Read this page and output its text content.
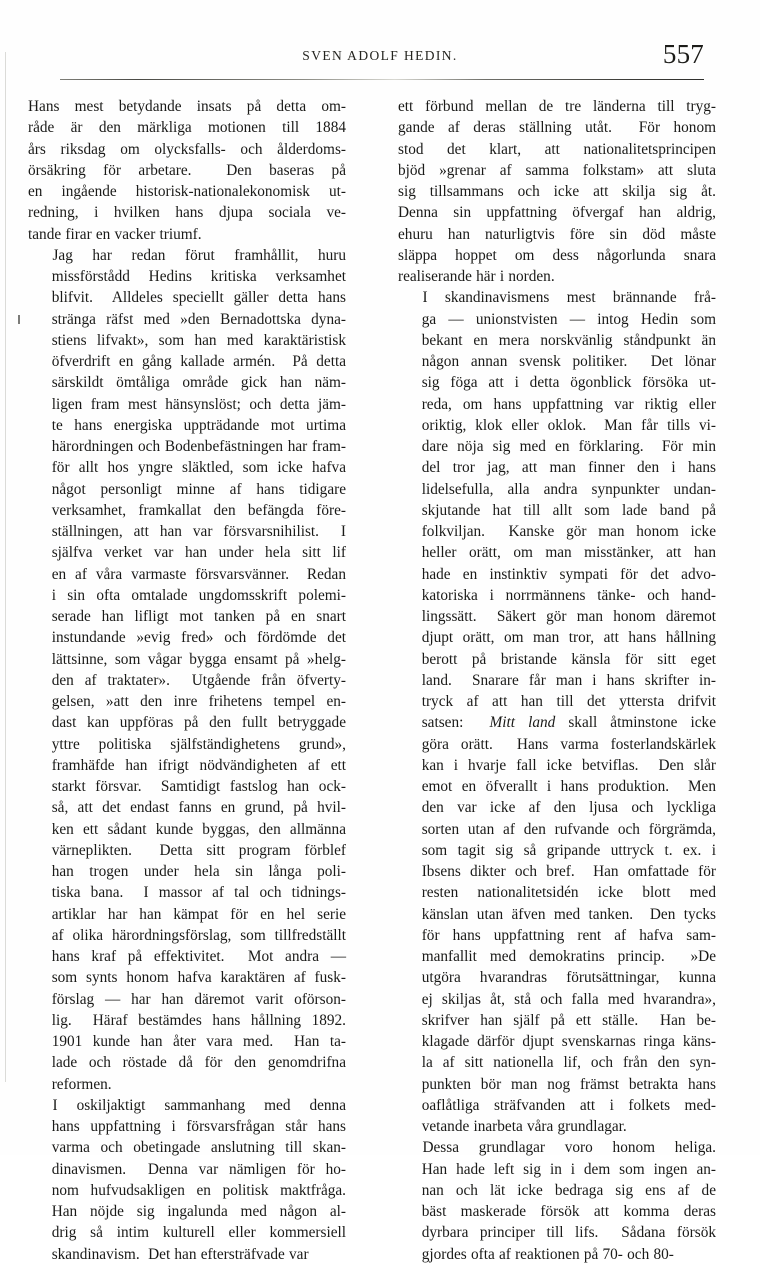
SVEN ADOLF HEDIN.	557

Hans mest betydande insats på detta om-
råde är den märkliga motionen till 1884
års riksdag om olycksfalls- och ålderdoms-
örsäkring för arbetare.  Den baseras på
en ingående historisk-nationalekonomisk ut-
redning, i hvilken hans djupa sociala ve-
tande firar en vacker triumf.

Jag har redan förut framhållit, huru
missförstådd Hedins kritiska verksamhet
blifvit.  Alldeles speciellt gäller detta hans
stränga räfst med »den Bernadottska dyna-
stiens lifvakt», som han med karaktäristisk
öfverdrift en gång kallade armén.  På detta
särskildt ömtåliga område gick han näm-
ligen fram mest hänsynslöst; och detta jäm-
te hans energiska uppträdande mot urtima
härordningen och Bodenbefästningen har fram-
för allt hos yngre släktled, som icke hafva
något personligt minne af hans tidigare
verksamhet, framkallat den befängda före-
ställningen, att han var försvarsnihilist.  I
själfva verket var han under hela sitt lif
en af våra varmaste försvarsvänner.  Redan
i sin ofta omtalade ungdomsskrift polemi-
serade han lifligt mot tanken på en snart
instundande »evig fred» och fördömde det
lättsinne, som vågar bygga ensamt på »helg-
den af traktater».  Utgående från öfverty-
gelsen, »att den inre frihetens tempel en-
dast kan uppföras på den fullt betryggade
yttre politiska själfständighetens grund»,
framhäfde han ifrigt nödvändigheten af ett
starkt försvar.  Samtidigt fastslog han ock-
så, att det endast fanns en grund, på hvil-
ken ett sådant kunde byggas, den allmänna
värneplikten.  Detta sitt program förblef
han trogen under hela sin långa poli-
tiska bana.  I massor af tal och tidnings-
artiklar har han kämpat för en hel serie
af olika härordningsförslag, som tillfredställt
hans kraf på effektivitet.  Mot andra —
som synts honom hafva karaktären af fusk-
förslag — har han däremot varit oförson-
lig.  Häraf bestämdes hans hållning 1892.
1901 kunde han åter vara med.  Han ta-
lade och röstade då för den genomdrifna
reformen.

I oskiljaktigt sammanhang med denna
hans uppfattning i försvarsfrågan står hans
varma och obetingade anslutning till skan-
dinavismen.  Denna var nämligen för ho-
nom hufvudsakligen en politisk maktfråga.
Han nöjde sig ingalunda med någon al-
drig så intim kulturell eller kommersiell
skandinavism.  Det han eftersträfvade var

ett förbund mellan de tre länderna till tryg-
gande af deras ställning utåt.  För honom
stod det klart, att nationalitetsprincipen
bjöd »grenar af samma folkstam» att sluta
sig tillsammans och icke att skilja sig åt.
Denna sin uppfattning öfvergaf han aldrig,
ehuru han naturligtvis före sin död måste
släppa hoppet om dess någorlunda snara
realiserande här i norden.

I skandinavismens mest brännande frå-
ga — unionstvisten — intog Hedin som
bekant en mera norskvänlig ståndpunkt än
någon annan svensk politiker.  Det lönar
sig föga att i detta ögonblick försöka ut-
reda, om hans uppfattning var riktig eller
oriktig, klok eller oklok.  Man får tills vi-
dare nöja sig med en förklaring.  För min
del tror jag, att man finner den i hans
lidelsefulla, alla andra synpunkter undan-
skjutande hat till allt som lade band på
folkviljan.  Kanske gör man honom icke
heller orätt, om man misstänker, att han
hade en instinktiv sympati för det advo-
katoriska i norrmännens tänke- och hand-
lingssätt.  Säkert gör man honom däremot
djupt orätt, om man tror, att hans hållning
berott på bristande känsla för sitt eget
land.  Snarare får man i hans skrifter in-
tryck af att han till det yttersta drifvit
satsen:  Mitt land skall åtminstone icke
göra orätt.  Hans varma fosterlandskärlek
kan i hvarje fall icke betviflas.  Den slår
emot en öfverallt i hans produktion.  Men
den var icke af den ljusa och lyckliga
sorten utan af den rufvande och förgrämda,
som tagit sig så gripande uttryck t. ex. i
Ibsens dikter och bref.  Han omfattade för
resten nationalitetsidén icke blott med
känslan utan äfven med tanken.  Den tycks
för hans uppfattning rent af hafva sam-
manfallit med demokratins princip.  »De
utgöra hvarandras förutsättningar, kunna
ej skiljas åt, stå och falla med hvarandra»,
skrifver han själf på ett ställe.  Han be-
klagade därför djupt svenskarnas ringa käns-
la af sitt nationella lif, och från den syn-
punkten bör man nog främst betrakta hans
oaflåtliga sträfvanden att i folkets med-
vetande inarbeta våra grundlagar.

Dessa grundlagar voro honom heliga.
Han hade left sig in i dem som ingen an-
nan och lät icke bedraga sig ens af de
bäst maskerade försök att komma deras
dyrbara principer till lifs.  Sådana försök
gjordes ofta af reaktionen på 70- och 80-
